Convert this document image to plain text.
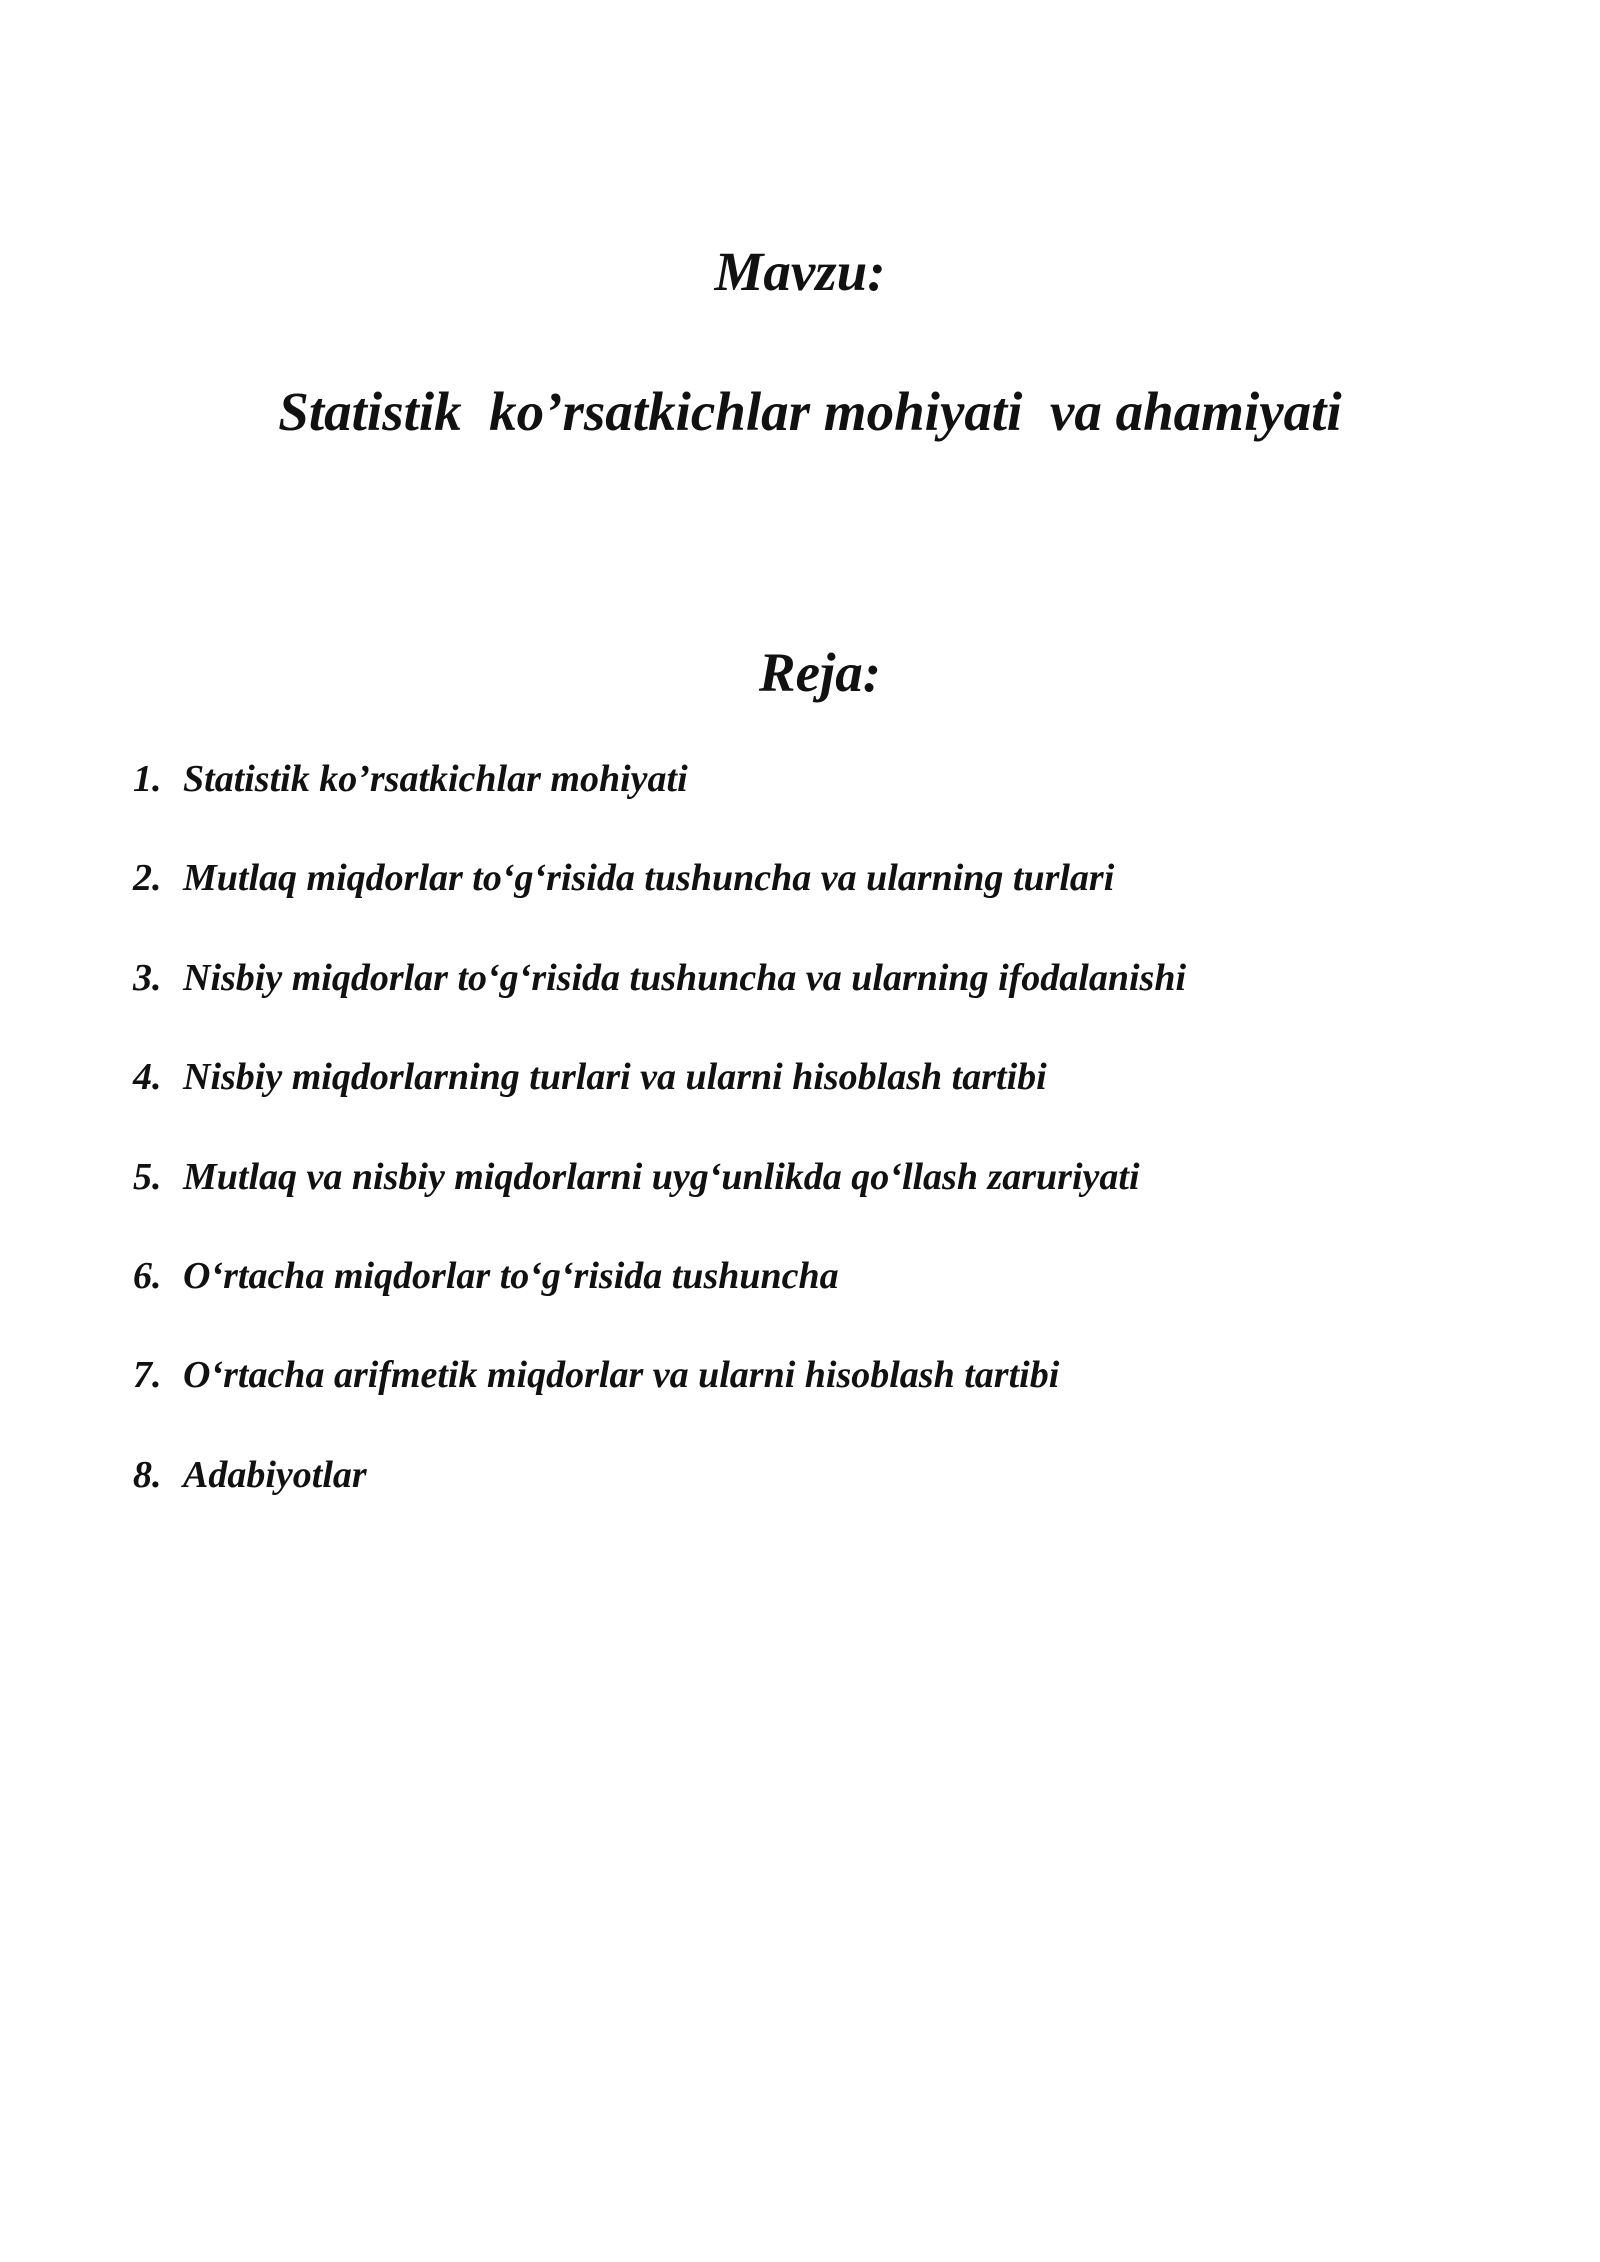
Mavzu:
Statistik  ko’rsatkichlar mohiyati  va ahamiyati
Reja:
1. Statistik ko’rsatkichlar mohiyati
2. Mutlaq miqdorlar to‘g‘risida tushuncha va ularning turlari
3. Nisbiy miqdorlar to‘g‘risida tushuncha va ularning ifodalanishi
4. Nisbiy miqdorlarning turlari va ularni hisoblash tartibi
5. Mutlaq va nisbiy miqdorlarni uyg‘unlikda qo‘llash zaruriyati
6. O‘rtacha miqdorlar to‘g‘risida tushuncha
7. O‘rtacha arifmetik miqdorlar va ularni hisoblash tartibi
8. Adabiyotlar
